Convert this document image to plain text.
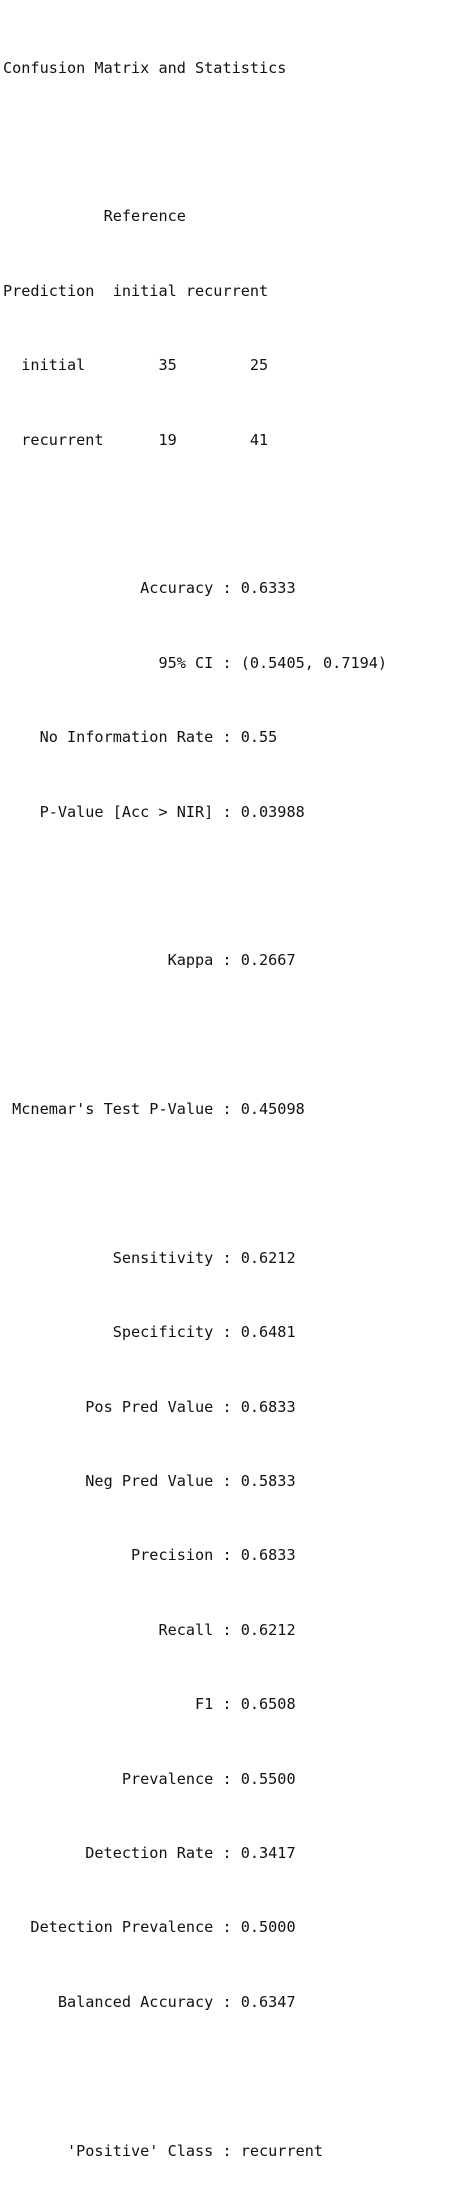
Confusion Matrix and Statistics

Reference

Prediction  initial recurrent

initial        35        25

recurrent      19        41

Accuracy : 0.6333

95% CI : (0.5405, 0.7194)

No Information Rate : 0.55

P-Value [Acc > NIR] : 0.03988

Kappa : 0.2667

Mcnemar's Test P-Value : 0.45098

Sensitivity : 0.6212

Specificity : 0.6481

Pos Pred Value : 0.6833

Neg Pred Value : 0.5833

Precision : 0.6833

Recall : 0.6212

F1 : 0.6508

Prevalence : 0.5500

Detection Rate : 0.3417

Detection Prevalence : 0.5000

Balanced Accuracy : 0.6347

'Positive' Class : recurrent
